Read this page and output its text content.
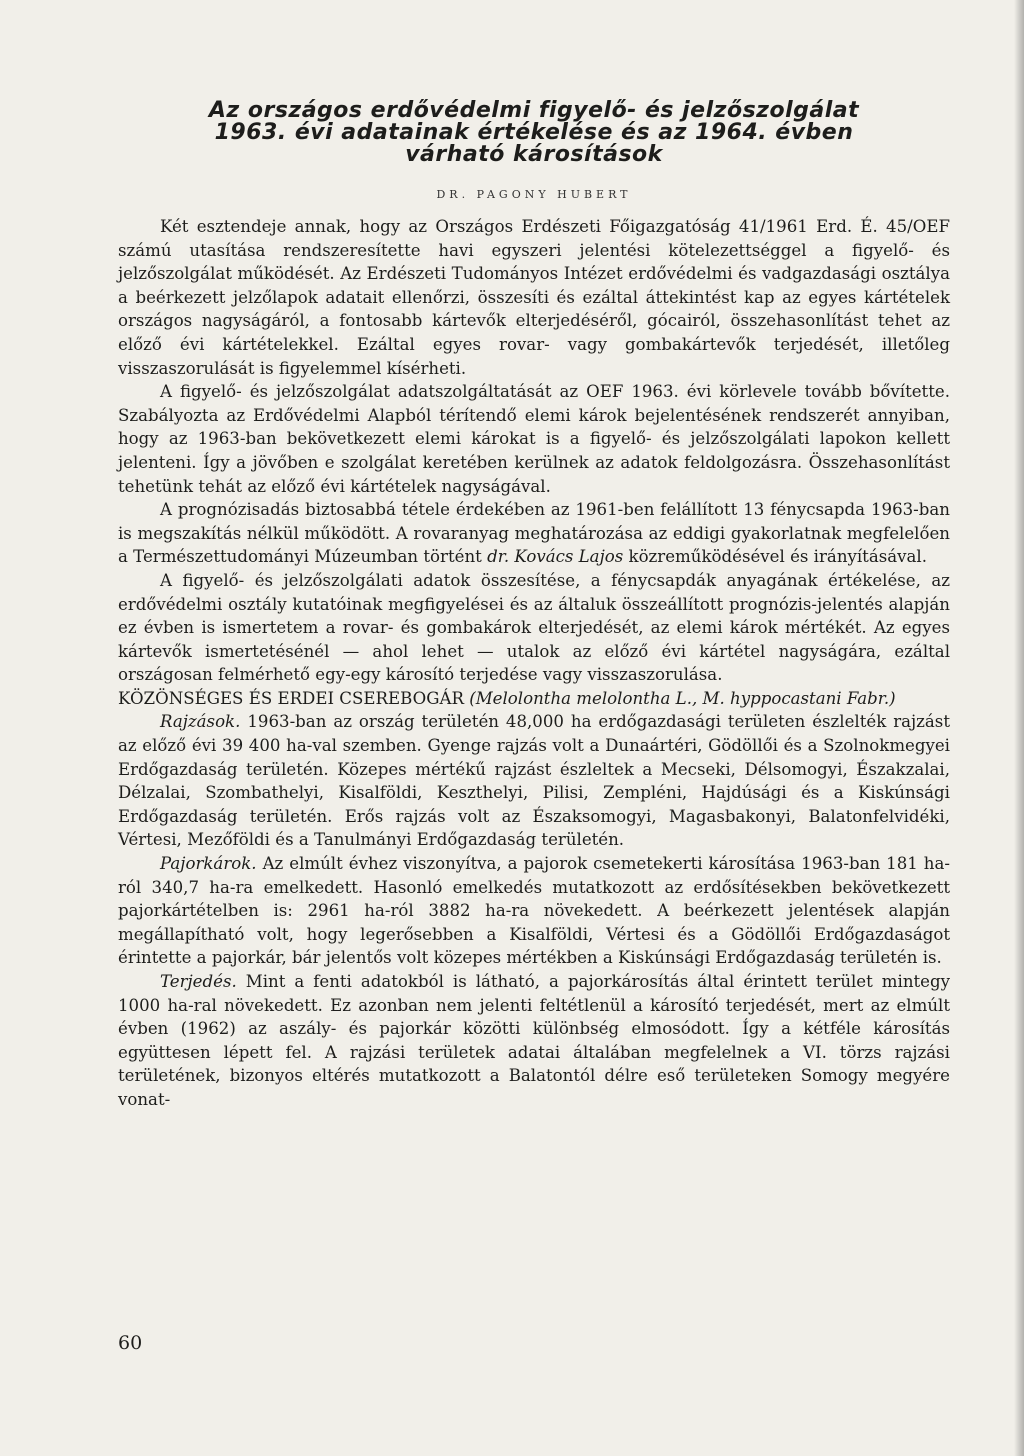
Az országos erdővédelmi figyelő- és jelzőszolgálat
1963. évi adatainak értékelése és az 1964. évben
várható károsítások
DR. PAGONY HUBERT

Két esztendeje annak, hogy az Országos Erdészeti Főigazgatóság 41/1961 Erd. É. 45/OEF számú utasítása rendszeresítette havi egyszeri jelentési kötelezettséggel a figyelő- és jelzőszolgálat működését. Az Erdészeti Tudományos Intézet erdővédelmi és vadgazdasági osztálya a beérkezett jelzőlapok adatait ellenőrzi, összesíti és ezáltal áttekintést kap az egyes kártételek országos nagyságáról, a fontosabb kártevők elterjedéséről, gócairól, összehasonlítást tehet az előző évi kártételekkel. Ezáltal egyes rovar- vagy gombakártevők terjedését, illetőleg visszaszorulását is figyelemmel kísérheti.

A figyelő- és jelzőszolgálat adatszolgáltatását az OEF 1963. évi körlevele tovább bővítette. Szabályozta az Erdővédelmi Alapból térítendő elemi károk bejelentésének rendszerét annyiban, hogy az 1963-ban bekövetkezett elemi károkat is a figyelő- és jelzőszolgálati lapokon kellett jelenteni. Így a jövőben e szolgálat keretében kerülnek az adatok feldolgozásra. Összehasonlítást tehetünk tehát az előző évi kártételek nagyságával.

A prognózisadás biztosabbá tétele érdekében az 1961-ben felállított 13 fénycsapda 1963-ban is megszakítás nélkül működött. A rovaranyag meghatározása az eddigi gyakorlatnak megfelelően a Természettudományi Múzeumban történt dr. Kovács Lajos közreműködésével és irányításával.

A figyelő- és jelzőszolgálati adatok összesítése, a fénycsapdák anyagának értékelése, az erdővédelmi osztály kutatóinak megfigyelései és az általuk összeállított prognózis-jelentés alapján ez évben is ismertetem a rovar- és gombakárok elterjedését, az elemi károk mértékét. Az egyes kártevők ismertetésénél — ahol lehet — utalok az előző évi kártétel nagyságára, ezáltal országosan felmérhető egy-egy károsító terjedése vagy visszaszorulása.

KÖZÖNSÉGES ÉS ERDEI CSEREBOGÁR (Melolontha melolontha L., M. hyppocastani Fabr.)

Rajzások. 1963-ban az ország területén 48,000 ha erdőgazdasági területen észlelték rajzást az előző évi 39 400 ha-val szemben. Gyenge rajzás volt a Dunaártéri, Gödöllői és a Szolnokmegyei Erdőgazdaság területén. Közepes mértékű rajzást észleltek a Mecseki, Délsomogyi, Északzalai, Délzalai, Szombathelyi, Kisalföldi, Keszthelyi, Pilisi, Zempléni, Hajdúsági és a Kiskúnsági Erdőgazdaság területén. Erős rajzás volt az Északsomogyi, Magasbakonyi, Balatonfelvidéki, Vértesi, Mezőföldi és a Tanulmányi Erdőgazdaság területén.

Pajorkárok. Az elmúlt évhez viszonyítva, a pajorok csemetekerti károsítása 1963-ban 181 ha-ról 340,7 ha-ra emelkedett. Hasonló emelkedés mutatkozott az erdősítésekben bekövetkezett pajorkártételben is: 2961 ha-ról 3882 ha-ra növekedett. A beérkezett jelentések alapján megállapítható volt, hogy legerősebben a Kisalföldi, Vértesi és a Gödöllői Erdőgazdaságot érintette a pajorkár, bár jelentős volt közepes mértékben a Kiskúnsági Erdőgazdaság területén is.

Terjedés. Mint a fenti adatokból is látható, a pajorkárosítás által érintett terület mintegy 1000 ha-ral növekedett. Ez azonban nem jelenti feltétlenül a károsító terjedését, mert az elmúlt évben (1962) az aszály- és pajorkár közötti különbség elmosódott. Így a kétféle károsítás együttesen lépett fel. A rajzási területek adatai általában megfelelnek a VI. törzs rajzási területének, bizonyos eltérés mutatkozott a Balatontól délre eső területeken Somogy megyére vonat-

60
